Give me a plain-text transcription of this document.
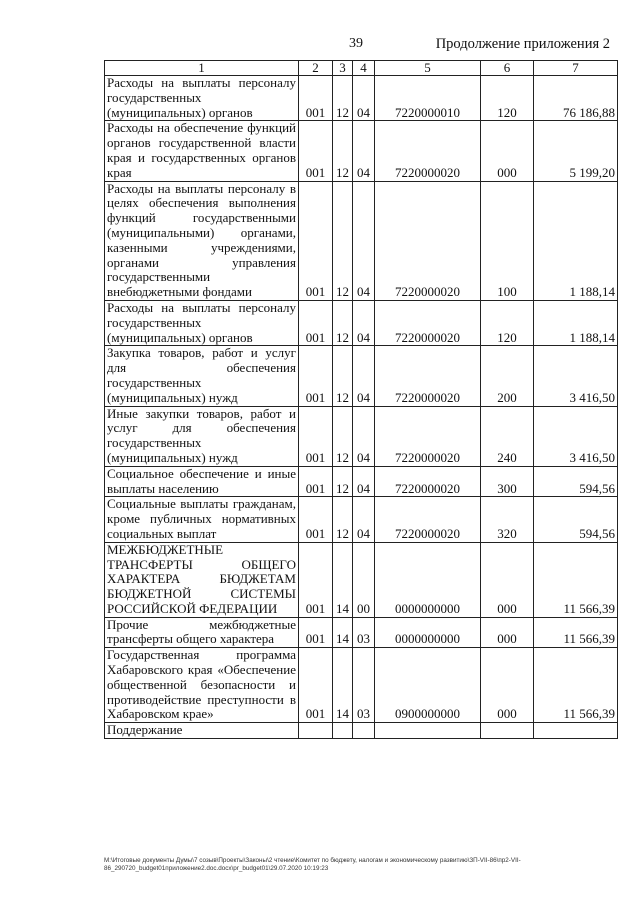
39	Продолжение приложения 2
1	2	3	4	5	6	7
Расходы на выплаты персоналу государственных (муниципальных) органов	001	12	04	7220000010	120	76 186,88
Расходы на обеспечение функций органов государственной власти края и государственных органов края	001	12	04	7220000020	000	5 199,20
Расходы на выплаты персоналу в целях обеспечения выполнения функций государственными (муниципальными) органами, казенными учреждениями, органами управления государственными внебюджетными фондами	001	12	04	7220000020	100	1 188,14
Расходы на выплаты персоналу государственных (муниципальных) органов	001	12	04	7220000020	120	1 188,14
Закупка товаров, работ и услуг для обеспечения государственных (муниципальных) нужд	001	12	04	7220000020	200	3 416,50
Иные закупки товаров, работ и услуг для обеспечения государственных (муниципальных) нужд	001	12	04	7220000020	240	3 416,50
Социальное обеспечение и иные выплаты населению	001	12	04	7220000020	300	594,56
Социальные выплаты гражданам, кроме публичных нормативных социальных выплат	001	12	04	7220000020	320	594,56
МЕЖБЮДЖЕТНЫЕ ТРАНСФЕРТЫ ОБЩЕГО ХАРАКТЕРА БЮДЖЕТАМ БЮДЖЕТНОЙ СИСТЕМЫ РОССИЙСКОЙ ФЕДЕРАЦИИ	001	14	00	0000000000	000	11 566,39
Прочие межбюджетные трансферты общего характера	001	14	03	0000000000	000	11 566,39
Государственная программа Хабаровского края «Обеспечение общественной безопасности и противодействие преступности в Хабаровском крае»	001	14	03	0900000000	000	11 566,39
Поддержание						
M:\Итоговые документы Думы\7 созыв\Проекты\Законы\2 чтение\Комитет по бюджету, налогам и экономическому развитию\ЗП-VII-86\пр2-VII-86_290720_budget01приложение2.doc.docx\pr_budget01\29.07.2020 10:19:23
